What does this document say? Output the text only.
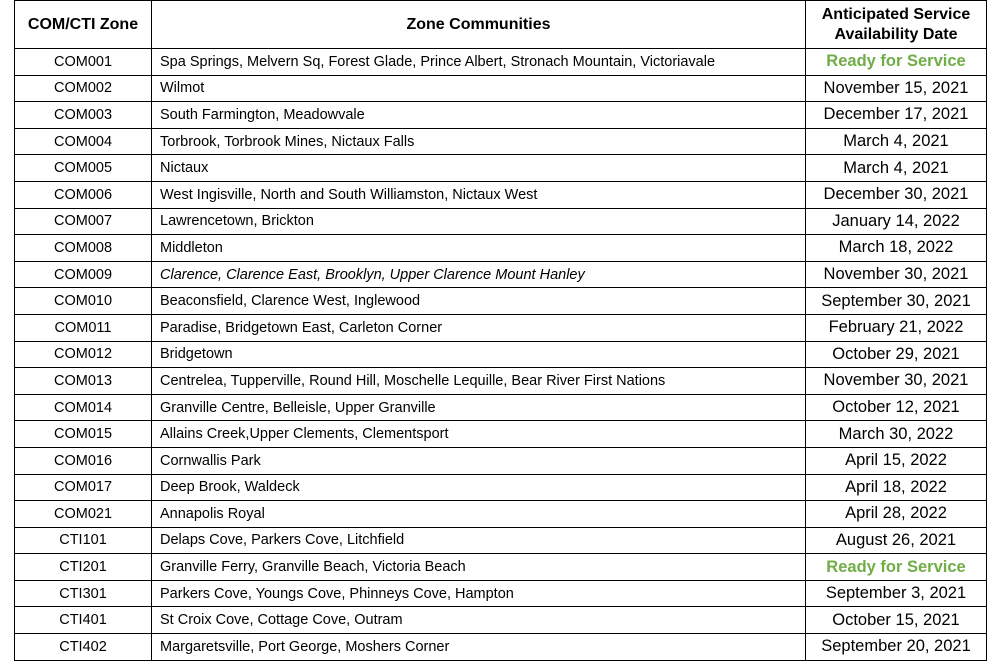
COM/CTI Zone	Zone Communities	Anticipated Service
Availability Date
COM001	Spa Springs, Melvern Sq, Forest Glade, Prince Albert, Stronach Mountain, Victoriavale	Ready for Service
COM002	Wilmot	November 15, 2021
COM003	South Farmington, Meadowvale	December 17, 2021
COM004	Torbrook, Torbrook Mines, Nictaux Falls	March 4, 2021
COM005	Nictaux	March 4, 2021
COM006	West Ingisville, North and South Williamston, Nictaux West	December 30, 2021
COM007	Lawrencetown, Brickton	January 14, 2022
COM008	Middleton	March 18, 2022
COM009	Clarence, Clarence East, Brooklyn, Upper Clarence Mount Hanley	November 30, 2021
COM010	Beaconsfield, Clarence West, Inglewood	September 30, 2021
COM011	Paradise, Bridgetown East, Carleton Corner	February 21, 2022
COM012	Bridgetown	October 29, 2021
COM013	Centrelea, Tupperville, Round Hill, Moschelle Lequille, Bear River First Nations	November 30, 2021
COM014	Granville Centre, Belleisle, Upper Granville	October 12, 2021
COM015	Allains Creek,Upper Clements, Clementsport	March 30, 2022
COM016	Cornwallis Park	April 15, 2022
COM017	Deep Brook, Waldeck	April 18, 2022
COM021	Annapolis Royal	April 28, 2022
CTI101	Delaps Cove, Parkers Cove, Litchfield	August 26, 2021
CTI201	Granville Ferry, Granville Beach, Victoria Beach	Ready for Service
CTI301	Parkers Cove, Youngs Cove, Phinneys Cove, Hampton	September 3, 2021
CTI401	St Croix Cove, Cottage Cove, Outram	October 15, 2021
CTI402	Margaretsville, Port George, Moshers Corner	September 20, 2021
